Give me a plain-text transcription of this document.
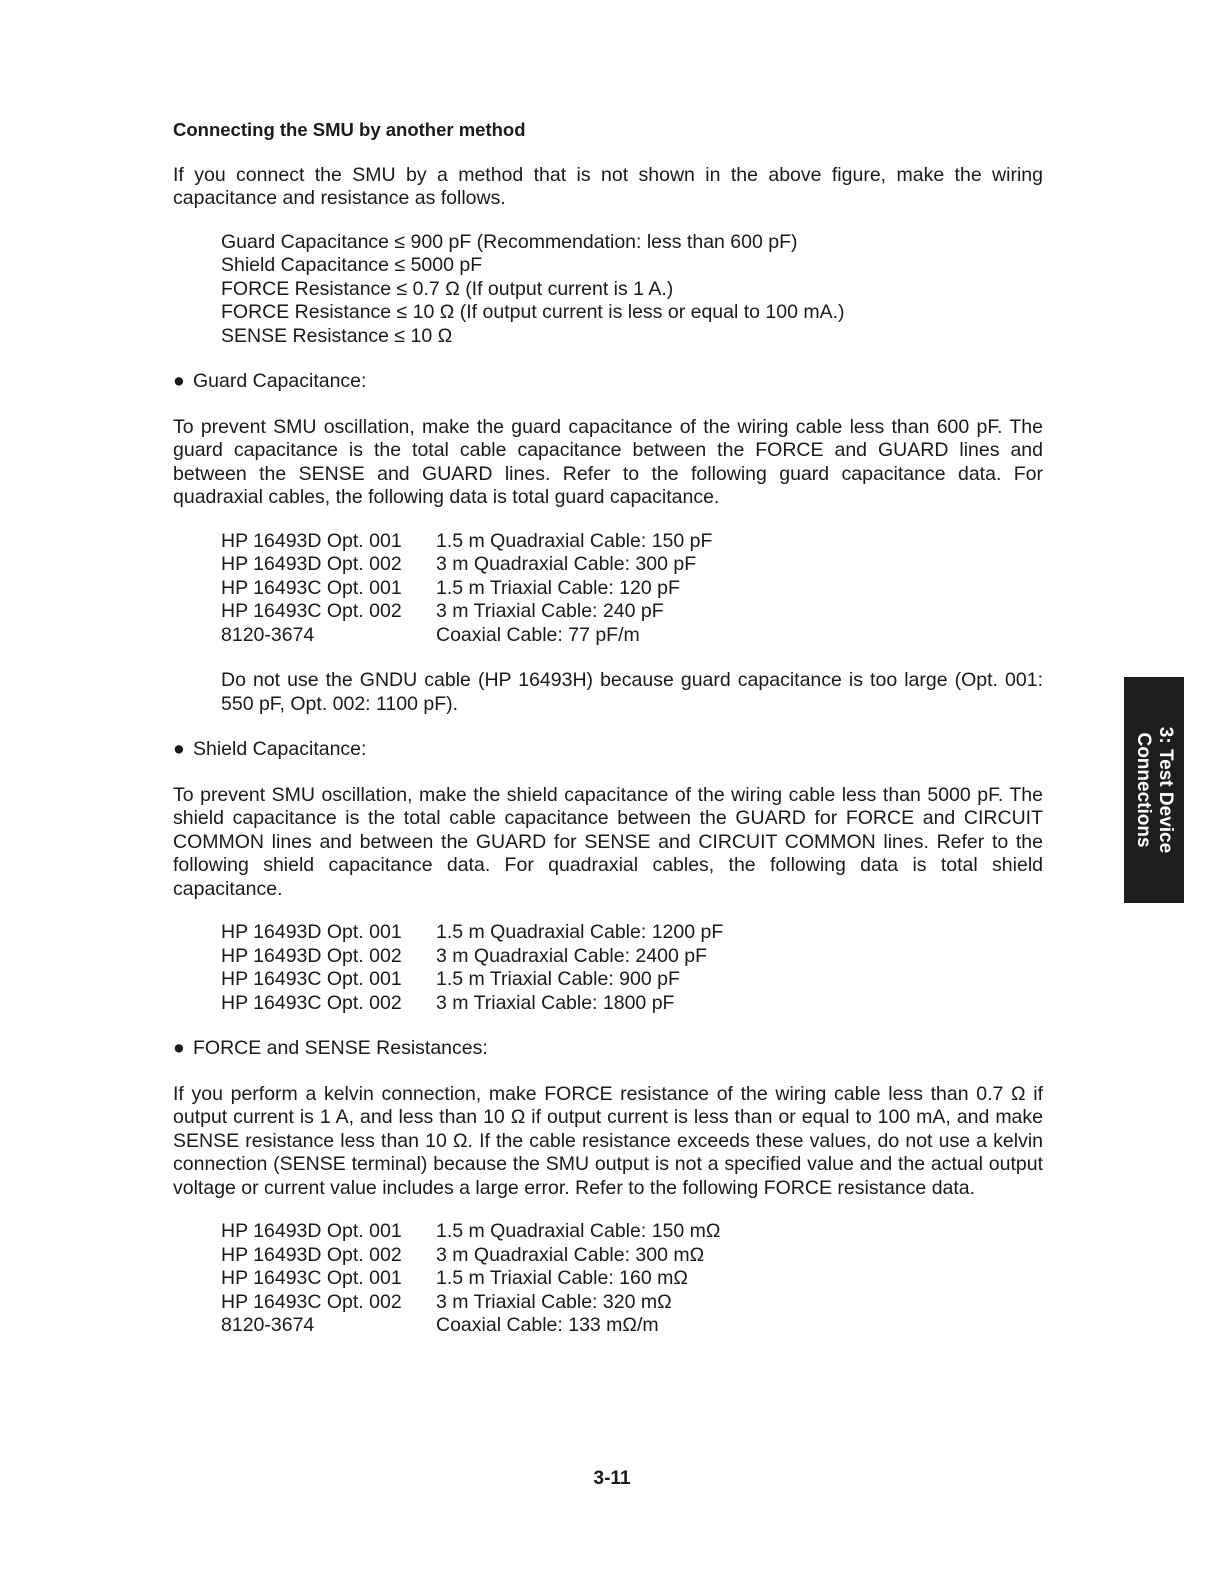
Connecting the SMU by another method

If you connect the SMU by a method that is not shown in the above figure, make the wiring capacitance and resistance as follows.

Guard Capacitance ≤ 900 pF (Recommendation: less than 600 pF)
Shield Capacitance ≤ 5000 pF
FORCE Resistance ≤ 0.7 Ω (If output current is 1 A.)
FORCE Resistance ≤ 10 Ω (If output current is less or equal to 100 mA.)
SENSE Resistance ≤ 10 Ω
● Guard Capacitance:

To prevent SMU oscillation, make the guard capacitance of the wiring cable less than 600 pF. The guard capacitance is the total cable capacitance between the FORCE and GUARD lines and between the SENSE and GUARD lines. Refer to the following guard capacitance data. For quadraxial cables, the following data is total guard capacitance.

HP 16493D Opt. 001	1.5 m Quadraxial Cable: 150 pF
HP 16493D Opt. 002	3 m Quadraxial Cable: 300 pF
HP 16493C Opt. 001	1.5 m Triaxial Cable: 120 pF
HP 16493C Opt. 002	3 m Triaxial Cable: 240 pF
8120-3674	Coaxial Cable: 77 pF/m

Do not use the GNDU cable (HP 16493H) because guard capacitance is too large (Opt. 001: 550 pF, Opt. 002: 1100 pF).

● Shield Capacitance:

To prevent SMU oscillation, make the shield capacitance of the wiring cable less than 5000 pF. The shield capacitance is the total cable capacitance between the GUARD for FORCE and CIRCUIT COMMON lines and between the GUARD for SENSE and CIRCUIT COMMON lines. Refer to the following shield capacitance data. For quadraxial cables, the following data is total shield capacitance.

HP 16493D Opt. 001	1.5 m Quadraxial Cable: 1200 pF
HP 16493D Opt. 002	3 m Quadraxial Cable: 2400 pF
HP 16493C Opt. 001	1.5 m Triaxial Cable: 900 pF
HP 16493C Opt. 002	3 m Triaxial Cable: 1800 pF
● FORCE and SENSE Resistances:

If you perform a kelvin connection, make FORCE resistance of the wiring cable less than 0.7 Ω if output current is 1 A, and less than 10 Ω if output current is less than or equal to 100 mA, and make SENSE resistance less than 10 Ω. If the cable resistance exceeds these values, do not use a kelvin connection (SENSE terminal) because the SMU output is not a specified value and the actual output voltage or current value includes a large error. Refer to the following FORCE resistance data.

HP 16493D Opt. 001	1.5 m Quadraxial Cable: 150 mΩ
HP 16493D Opt. 002	3 m Quadraxial Cable: 300 mΩ
HP 16493C Opt. 001	1.5 m Triaxial Cable: 160 mΩ
HP 16493C Opt. 002	3 m Triaxial Cable: 320 mΩ
8120-3674	Coaxial Cable: 133 mΩ/m
3: Test Device
Connections
3-11
